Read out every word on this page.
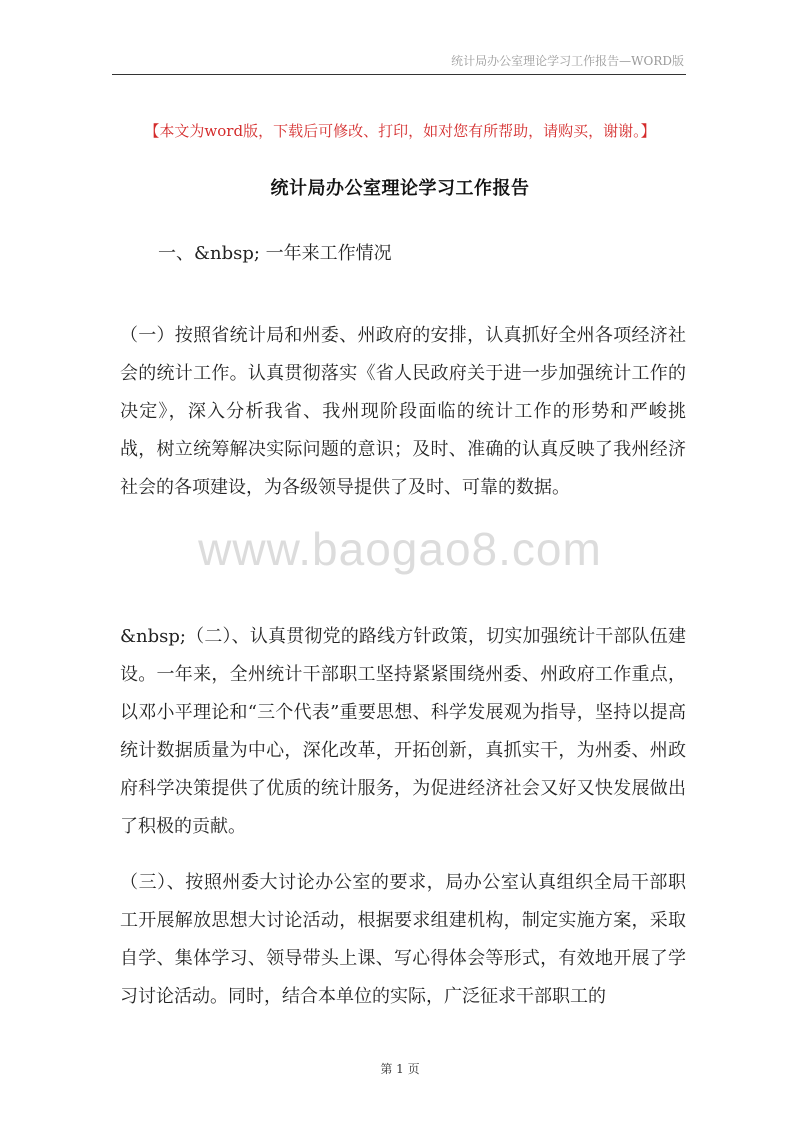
统计局办公室理论学习工作报告—WORD版
【本文为word版，下载后可修改、打印，如对您有所帮助，请购买，谢谢。】
统计局办公室理论学习工作报告
一、&nbsp; 一年来工作情况

（一）按照省统计局和州委、州政府的安排，认真抓好全州各项经济社会的统计工作。认真贯彻落实《省人民政府关于进一步加强统计工作的决定》，深入分析我省、我州现阶段面临的统计工作的形势和严峻挑战，树立统筹解决实际问题的意识；及时、准确的认真反映了我州经济社会的各项建设，为各级领导提供了及时、可靠的数据。

www.baogao8.com

&nbsp;（二）、认真贯彻党的路线方针政策，切实加强统计干部队伍建设。一年来，全州统计干部职工坚持紧紧围绕州委、州政府工作重点，以邓小平理论和“三个代表”重要思想、科学发展观为指导，坚持以提高统计数据质量为中心，深化改革，开拓创新，真抓实干，为州委、州政府科学决策提供了优质的统计服务，为促进经济社会又好又快发展做出了积极的贡献。

（三）、按照州委大讨论办公室的要求，局办公室认真组织全局干部职工开展解放思想大讨论活动，根据要求组建机构，制定实施方案，采取自学、集体学习、领导带头上课、写心得体会等形式，有效地开展了学习讨论活动。同时，结合本单位的实际，广泛征求干部职工的

第 1 页
